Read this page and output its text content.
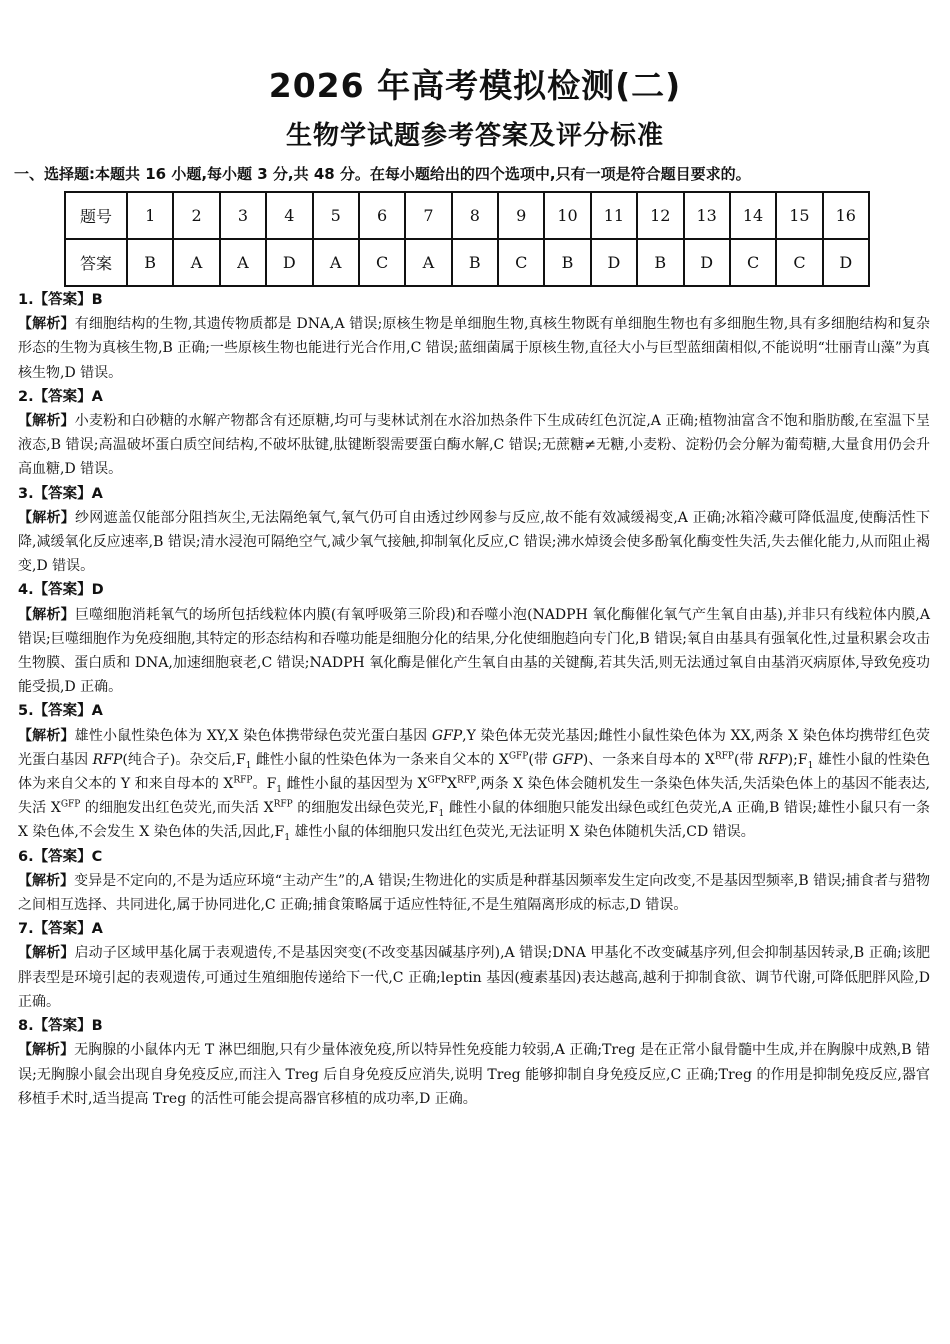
2026 年高考模拟检测(二)
生物学试题参考答案及评分标准
一、选择题:本题共 16 小题,每小题 3 分,共 48 分。在每小题给出的四个选项中,只有一项是符合题目要求的。
题号	1	2	3	4	5	6	7	8	9	10	11	12	13	14	15	16
答案	B	A	A	D	A	C	A	B	C	B	D	B	D	C	C	D
1.【答案】B
【解析】有细胞结构的生物,其遗传物质都是 DNA,A 错误;原核生物是单细胞生物,真核生物既有单细胞生物也有多细胞生物,具有多细胞结构和复杂形态的生物为真核生物,B 正确;一些原核生物也能进行光合作用,C 错误;蓝细菌属于原核生物,直径大小与巨型蓝细菌相似,不能说明“壮丽青山藻”为真核生物,D 错误。
2.【答案】A
【解析】小麦粉和白砂糖的水解产物都含有还原糖,均可与斐林试剂在水浴加热条件下生成砖红色沉淀,A 正确;植物油富含不饱和脂肪酸,在室温下呈液态,B 错误;高温破坏蛋白质空间结构,不破坏肽键,肽键断裂需要蛋白酶水解,C 错误;无蔗糖≠无糖,小麦粉、淀粉仍会分解为葡萄糖,大量食用仍会升高血糖,D 错误。
3.【答案】A
【解析】纱网遮盖仅能部分阻挡灰尘,无法隔绝氧气,氧气仍可自由透过纱网参与反应,故不能有效减缓褐变,A 正确;冰箱冷藏可降低温度,使酶活性下降,减缓氧化反应速率,B 错误;清水浸泡可隔绝空气,减少氧气接触,抑制氧化反应,C 错误;沸水焯烫会使多酚氧化酶变性失活,失去催化能力,从而阻止褐变,D 错误。
4.【答案】D
【解析】巨噬细胞消耗氧气的场所包括线粒体内膜(有氧呼吸第三阶段)和吞噬小泡(NADPH 氧化酶催化氧气产生氧自由基),并非只有线粒体内膜,A 错误;巨噬细胞作为免疫细胞,其特定的形态结构和吞噬功能是细胞分化的结果,分化使细胞趋向专门化,B 错误;氧自由基具有强氧化性,过量积累会攻击生物膜、蛋白质和 DNA,加速细胞衰老,C 错误;NADPH 氧化酶是催化产生氧自由基的关键酶,若其失活,则无法通过氧自由基消灭病原体,导致免疫功能受损,D 正确。
5.【答案】A
【解析】雄性小鼠性染色体为 XY,X 染色体携带绿色荧光蛋白基因 GFP,Y 染色体无荧光基因;雌性小鼠性染色体为 XX,两条 X 染色体均携带红色荧光蛋白基因 RFP(纯合子)。杂交后$,F_1$ 雌性小鼠的性染色体为一条来自父本的 $X^{GFP}$(带 GFP)、一条来自母本的 $X^{RFP}$(带 $RFP);F_1$ 雄性小鼠的性染色体为来自父本的 Y 和来自母本的 $X^{RFP}$。$F_1$ 雌性小鼠的基因型为 $X^{GFP}X^{RFP}$,两条 X 染色体会随机发生一条染色体失活,失活染色体上的基因不能表达,失活 $X^{GFP}$ 的细胞发出红色荧光,而失活 $X^{RFP}$ 的细胞发出绿色荧光$,F_1$ 雌性小鼠的体细胞只能发出绿色或红色荧光,A 正确,B 错误;雄性小鼠只有一条 X 染色体,不会发生 X 染色体的失活,因此$,F_1$ 雄性小鼠的体细胞只发出红色荧光,无法证明 X 染色体随机失活,CD 错误。
6.【答案】C
【解析】变异是不定向的,不是为适应环境“主动产生”的,A 错误;生物进化的实质是种群基因频率发生定向改变,不是基因型频率,B 错误;捕食者与猎物之间相互选择、共同进化,属于协同进化,C 正确;捕食策略属于适应性特征,不是生殖隔离形成的标志,D 错误。
7.【答案】A
【解析】启动子区域甲基化属于表观遗传,不是基因突变(不改变基因碱基序列),A 错误;DNA 甲基化不改变碱基序列,但会抑制基因转录,B 正确;该肥胖表型是环境引起的表观遗传,可通过生殖细胞传递给下一代,C 正确;leptin 基因(瘦素基因)表达越高,越利于抑制食欲、调节代谢,可降低肥胖风险,D 正确。
8.【答案】B
【解析】无胸腺的小鼠体内无 T 淋巴细胞,只有少量体液免疫,所以特异性免疫能力较弱,A 正确;Treg 是在正常小鼠骨髓中生成,并在胸腺中成熟,B 错误;无胸腺小鼠会出现自身免疫反应,而注入 Treg 后自身免疫反应消失,说明 Treg 能够抑制自身免疫反应,C 正确;Treg 的作用是抑制免疫反应,器官移植手术时,适当提高 Treg 的活性可能会提高器官移植的成功率,D 正确。
